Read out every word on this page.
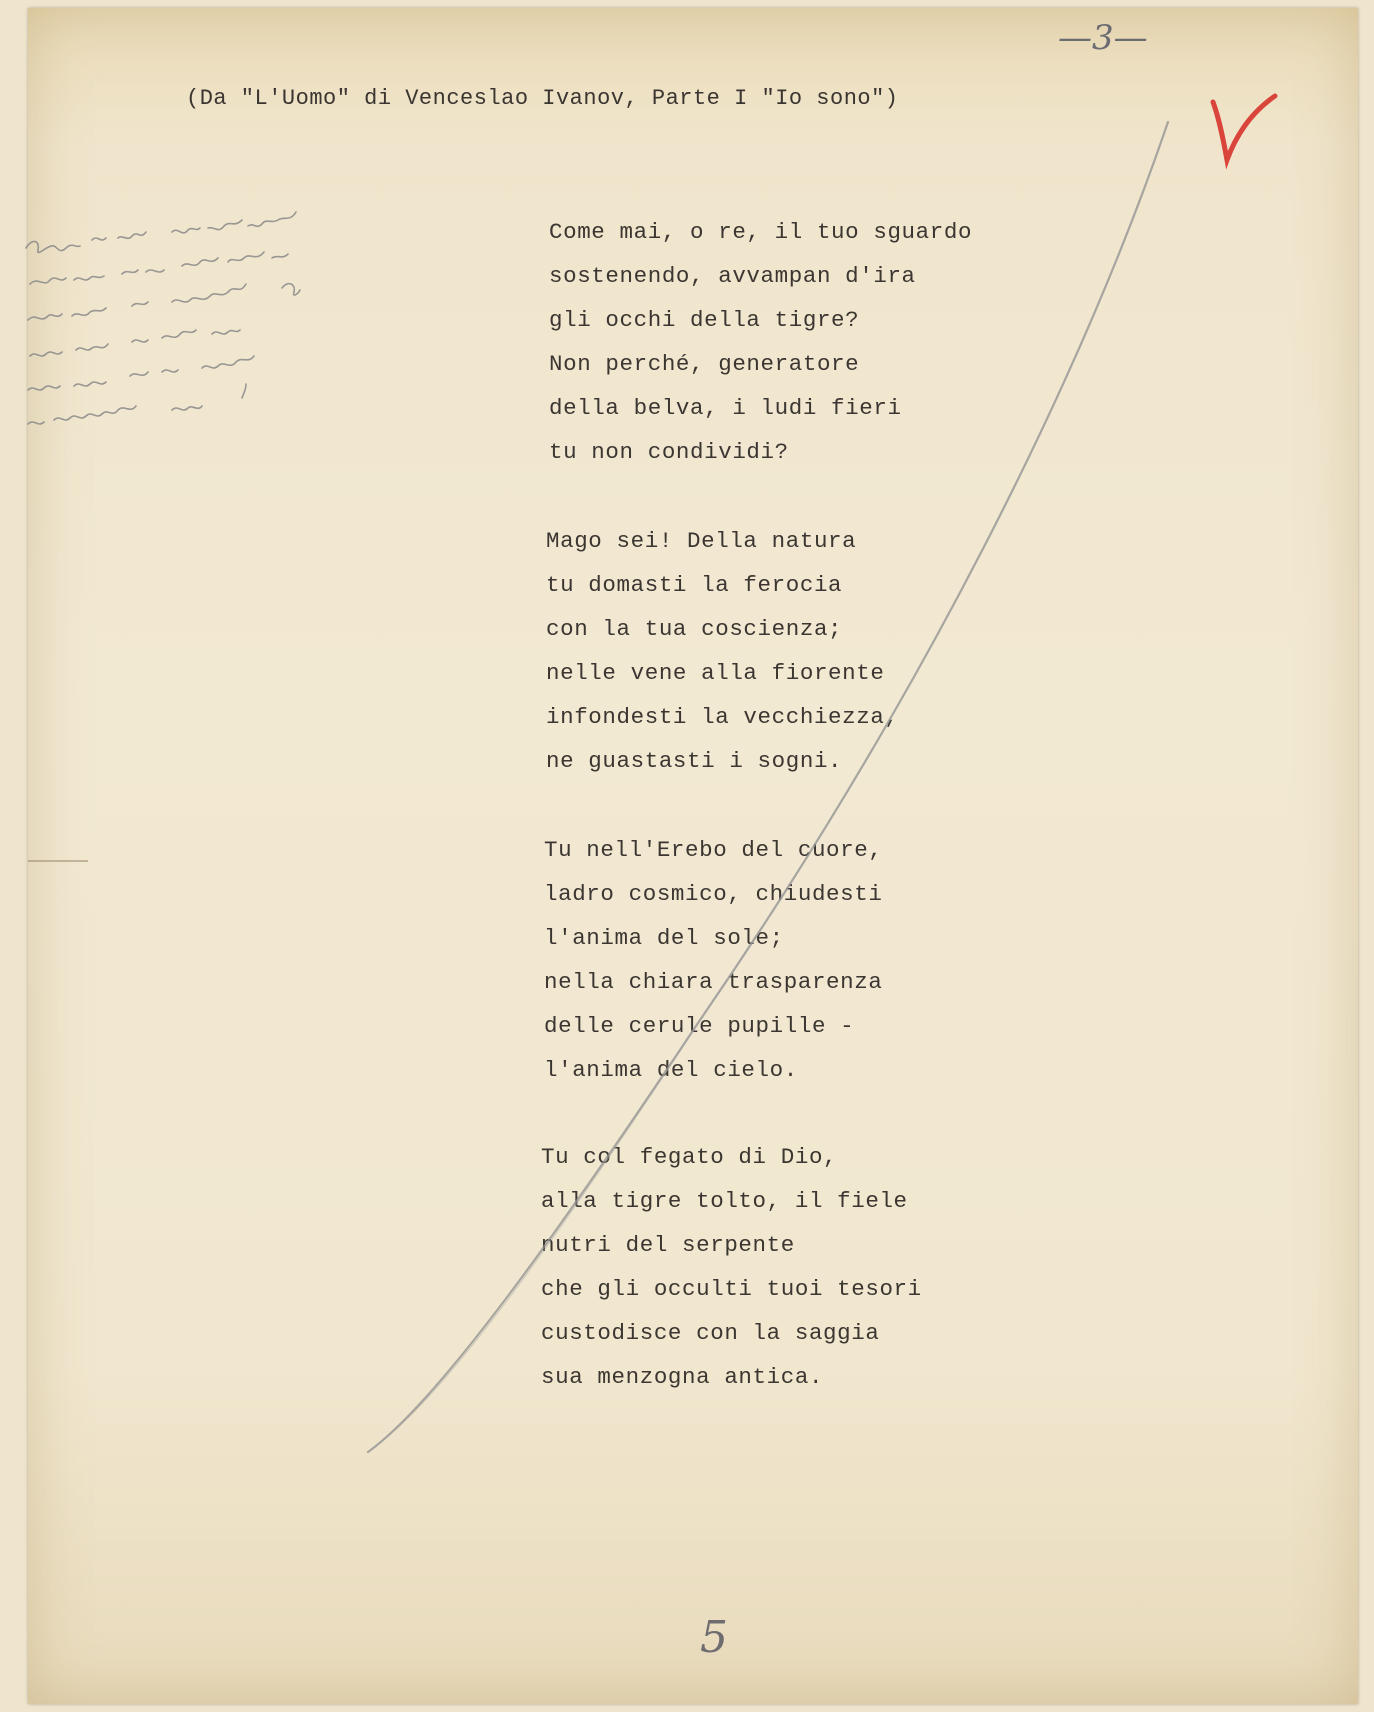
—3—

(Da "L'Uomo" di Venceslao Ivanov, Parte I "Io sono")

Come mai, o re, il tuo sguardo
sostenendo, avvampan d'ira
gli occhi della tigre?
Non perché, generatore
della belva, i ludi fieri
tu non condividi?
Mago sei! Della natura
tu domasti la ferocia
con la tua coscienza;
nelle vene alla fiorente
infondesti la vecchiezza,
ne guastasti i sogni.
Tu nell'Erebo del cuore,
ladro cosmico, chiudesti
l'anima del sole;
nella chiara trasparenza
delle cerule pupille -
l'anima del cielo.
Tu col fegato di Dio,
alla tigre tolto, il fiele
nutri del serpente
che gli occulti tuoi tesori
custodisce con la saggia
sua menzogna antica.
5
